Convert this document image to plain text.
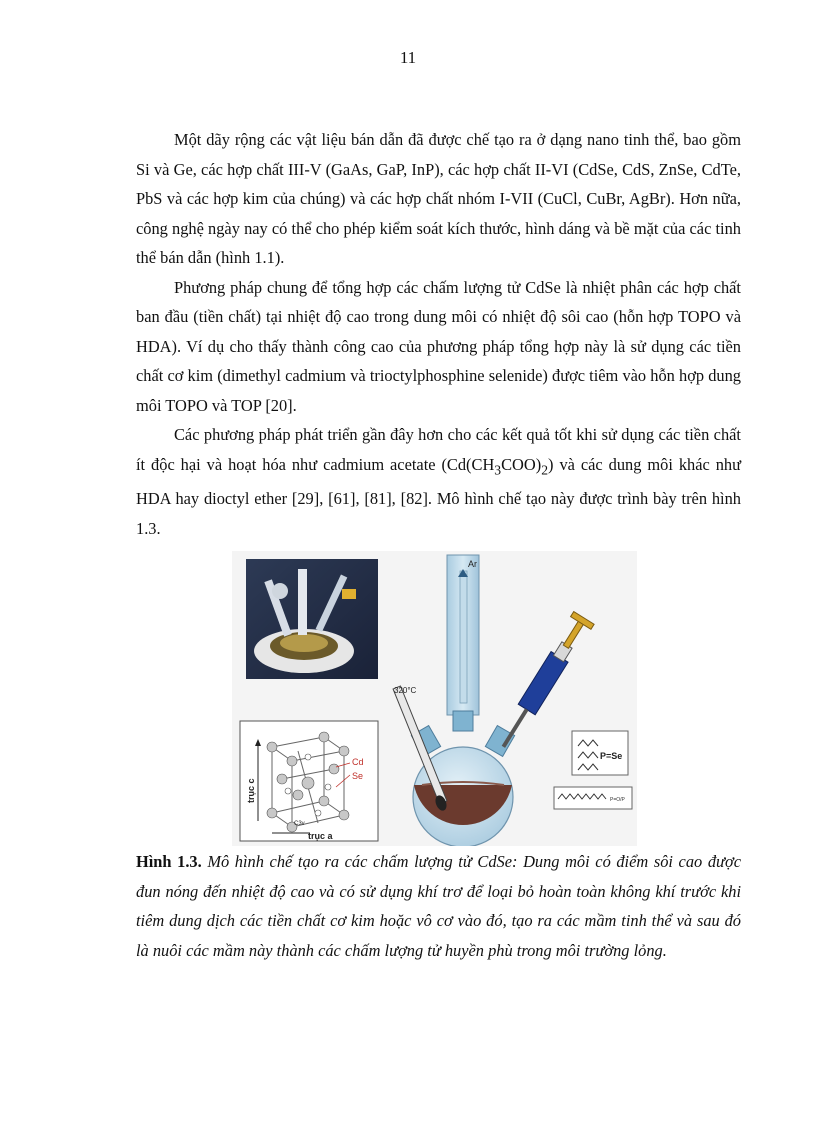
11

Một dãy rộng các vật liệu bán dẫn đã được chế tạo ra ở dạng nano tinh thể, bao gồm Si và Ge, các hợp chất III-V (GaAs, GaP, InP), các hợp chất II-VI (CdSe, CdS, ZnSe, CdTe, PbS và các hợp kim của chúng) và các hợp chất nhóm I-VII (CuCl, CuBr, AgBr). Hơn nữa, công nghệ ngày nay có thể cho phép kiểm soát kích thước, hình dáng và bề mặt của các tinh thể bán dẫn (hình 1.1).

Phương pháp chung để tổng hợp các chấm lượng tử CdSe là nhiệt phân các hợp chất ban đầu (tiền chất) tại nhiệt độ cao trong dung môi có nhiệt độ sôi cao (hỗn hợp TOPO và HDA). Ví dụ cho thấy thành công cao của phương pháp tổng hợp này là sử dụng các tiền chất cơ kim (dimethyl cadmium và trioctylphosphine selenide) được tiêm vào hỗn hợp dung môi TOPO và TOP [20].

Các phương pháp phát triển gần đây hơn cho các kết quả tốt khi sử dụng các tiền chất ít độc hại và hoạt hóa như cadmium acetate $(Cd(CH_3COO)_2)$ và các dung môi khác như HDA hay dioctyl ether [29], [61], [81], [82]. Mô hình chế tạo này được trình bày trên hình 1.3.

Ar
320°C
P=Se
P=O/P
Cd
Se
trục c
C3v
trục a
Hình 1.3. Mô hình chế tạo ra các chấm lượng tử CdSe: Dung môi có điểm sôi cao được đun nóng đến nhiệt độ cao và có sử dụng khí trơ để loại bỏ hoàn toàn không khí trước khi tiêm dung dịch các tiền chất cơ kim hoặc vô cơ vào đó, tạo ra các mầm tinh thể và sau đó là nuôi các mầm này thành các chấm lượng tử huyền phù trong môi trường lỏng.
